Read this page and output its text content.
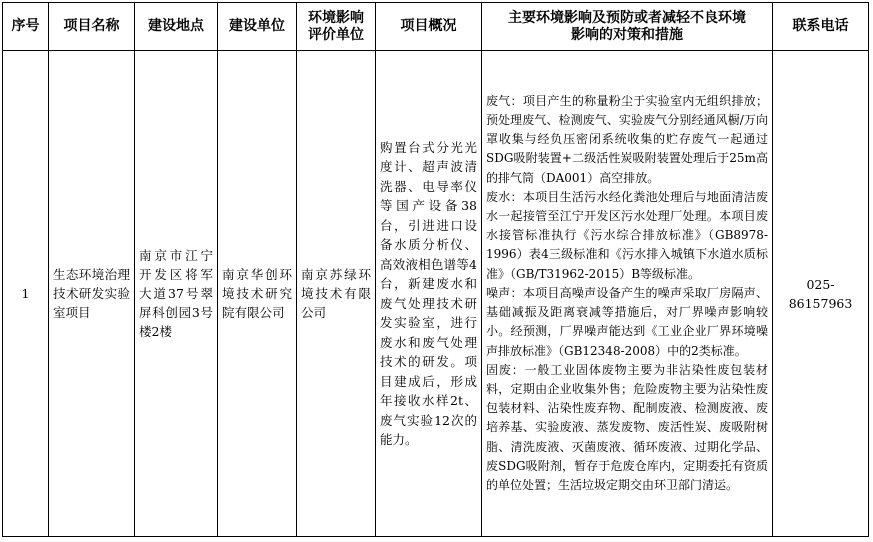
序号	项目名称	建设地点	建设单位	环境影响评价单位	项目概况	主要环境影响及预防或者减轻不良环境影响的对策和措施	联系电话
1	生态环境治理技术研发实验室项目	南京市江宁开发区将军大道37号翠屏科创园3号楼2楼	南京华创环境技术研究院有限公司	南京苏绿环境技术有限公司	购置台式分光光度计、超声波清洗器、电导率仪等国产设备38台，引进进口设备水质分析仪、高效液相色谱等4台，新建废水和废气处理技术研发实验室，进行废水和废气处理技术的研发。项目建成后，形成年接收水样2t、废气实验12次的能力。	废气：项目产生的称量粉尘于实验室内无组织排放；预处理废气、检测废气、实验废气分别经通风橱/万向罩收集与经负压密闭系统收集的贮存废气一起通过SDG吸附装置+二级活性炭吸附装置处理后于25m高的排气筒（DA001）高空排放。
废水：本项目生活污水经化粪池处理后与地面清洁废水一起接管至江宁开发区污水处理厂处理。本项目废水接管标准执行《污水综合排放标准》（GB8978-1996）表4三级标准和《污水排入城镇下水道水质标准》（GB/T31962-2015）B等级标准。
噪声：本项目高噪声设备产生的噪声采取厂房隔声、基础减振及距离衰减等措施后，对厂界噪声影响较小。经预测，厂界噪声能达到《工业企业厂界环境噪声排放标准》（GB12348-2008）中的2类标准。
固废：一般工业固体废物主要为非沾染性废包装材料，定期由企业收集外售；危险废物主要为沾染性废包装材料、沾染性废弃物、配制废液、检测废液、废培养基、实验废液、蒸发废物、废活性炭、废吸附树脂、清洗废液、灭菌废液、循环废液、过期化学品、废SDG吸附剂，暂存于危废仓库内，定期委托有资质的单位处置；生活垃圾定期交由环卫部门清运。	025-86157963
